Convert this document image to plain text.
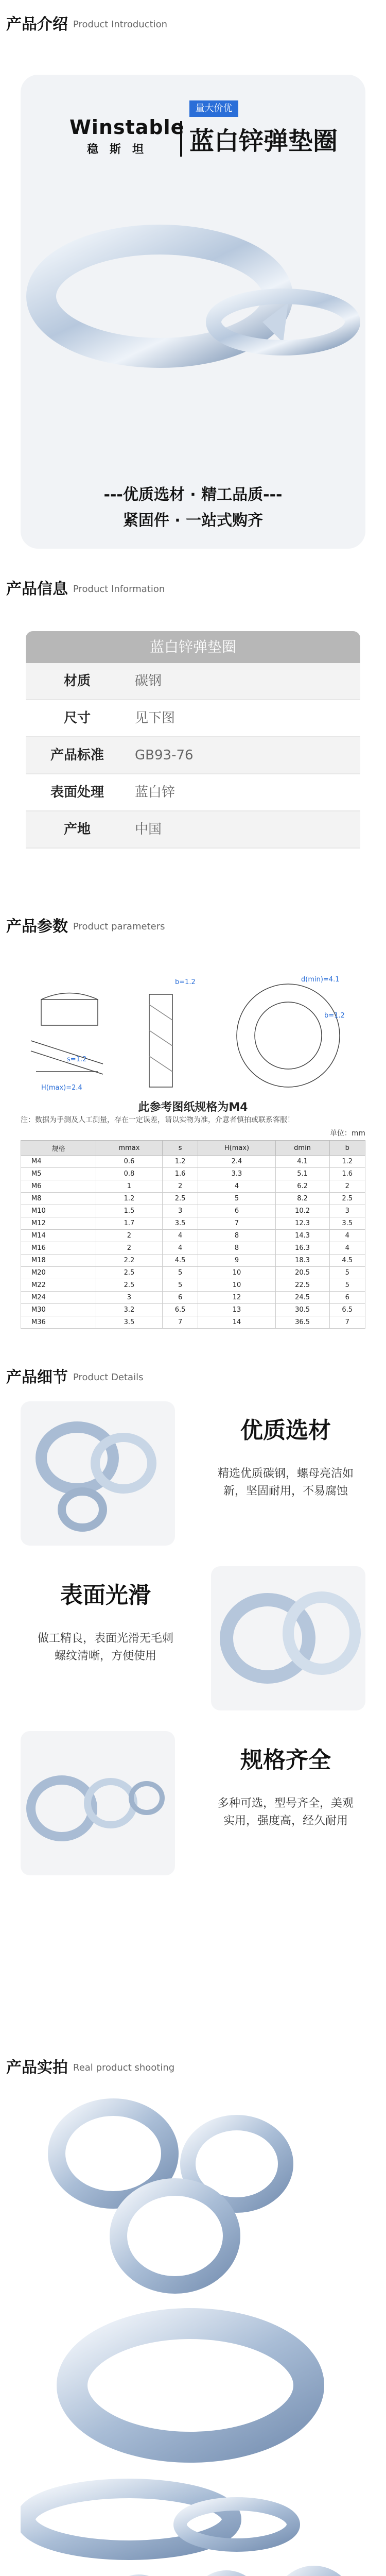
产品介绍 Product Introduction
量大价优
Winstable
稳斯坦	蓝白锌弹垫圈
---优质选材 · 精工品质---
紧固件 · 一站式购齐
产品信息 Product Information
蓝白锌弹垫圈
材质	碳钢
尺寸	见下图
产品标准	GB93-76
表面处理	蓝白锌
产地	中国
产品参数 Product parameters
b=1.2
H(max)=2.4
s=1.2
d(min)=4.1
b=1.2
此参考图纸规格为M4
注：数据为手测及人工测量，存在一定误差，请以实物为准，介意者慎拍或联系客服！
单位：mm
规格	mmax	s	H(max)	dmin	b
M4	0.6	1.2	2.4	4.1	1.2
M5	0.8	1.6	3.3	5.1	1.6
M6	1	2	4	6.2	2
M8	1.2	2.5	5	8.2	2.5
M10	1.5	3	6	10.2	3
M12	1.7	3.5	7	12.3	3.5
M14	2	4	8	14.3	4
M16	2	4	8	16.3	4
M18	2.2	4.5	9	18.3	4.5
M20	2.5	5	10	20.5	5
M22	2.5	5	10	22.5	5
M24	3	6	12	24.5	6
M30	3.2	6.5	13	30.5	6.5
M36	3.5	7	14	36.5	7
产品细节 Product Details
优质选材
精选优质碳钢，螺母亮洁如
新，坚固耐用，不易腐蚀
表面光滑
做工精良，表面光滑无毛刺
螺纹清晰，方便使用
规格齐全
多种可选，型号齐全，美观
实用，强度高，经久耐用
产品实拍 Real product shooting
